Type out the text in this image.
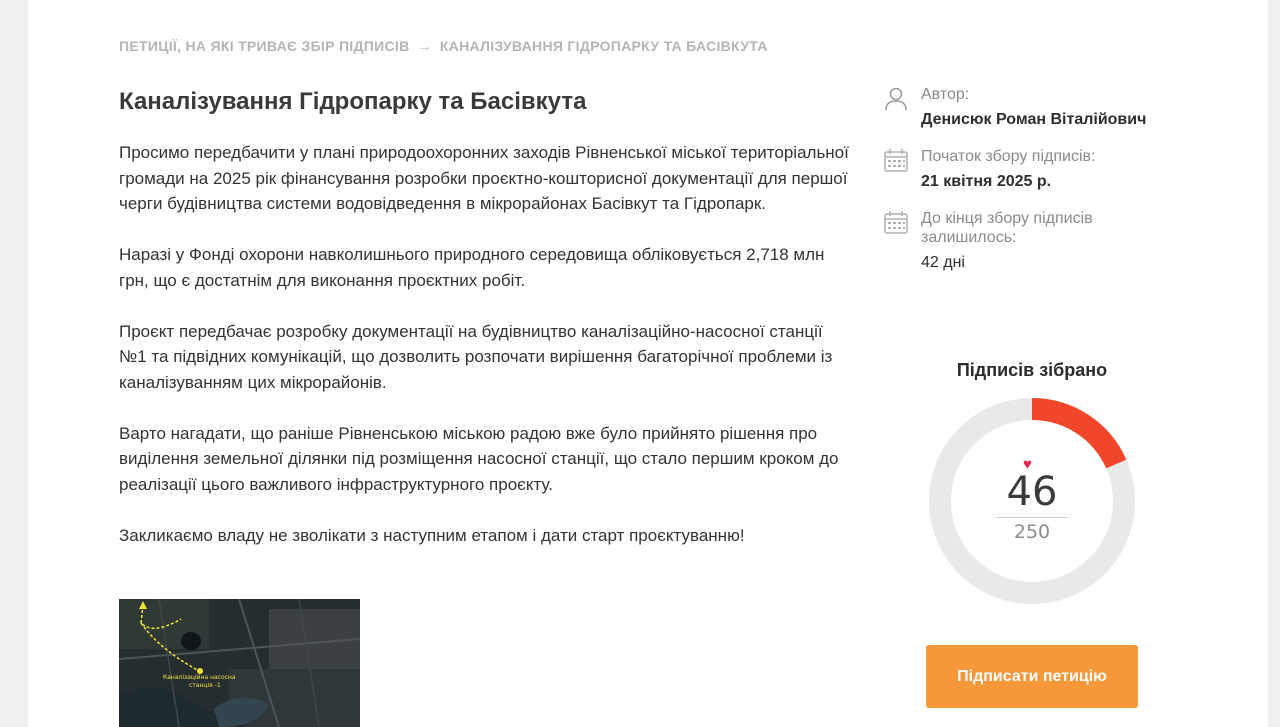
ПЕТИЦІЇ, НА ЯКІ ТРИВАЄ ЗБІР ПІДПИСІВ → КАНАЛІЗУВАННЯ ГІДРОПАРКУ ТА БАСІВКУТА
Каналізування Гідропарку та Басівкута

Просимо передбачити у плані природоохоронних заходів Рівненської міської територіальної громади на 2025 рік фінансування розробки проєктно-кошторисної документації для першої черги будівництва системи водовідведення в мікрорайонах Басівкут та Гідропарк.

Наразі у Фонді охорони навколишнього природного середовища обліковується 2,718 млн грн, що є достатнім для виконання проєктних робіт.

Проєкт передбачає розробку документації на будівництво каналізаційно-насосної станції №1 та підвідних комунікацій, що дозволить розпочати вирішення багаторічної проблеми із каналізуванням цих мікрорайонів.

Варто нагадати, що раніше Рівненською міською радою вже було прийнято рішення про виділення земельної ділянки під розміщення насосної станції, що стало першим кроком до реалізації цього важливого інфраструктурного проєкту.

Закликаємо владу не зволікати з наступним етапом і дати старт проєктуванню!

Каналізаційна насосна
станція -1
Автор:
Денисюк Роман Віталійович
Початок збору підписів:
21 квітня 2025 р.
До кінця збору підписів залишилось:
42 дні
Підписів зібрано
♥
46
250
Підписати петицію
